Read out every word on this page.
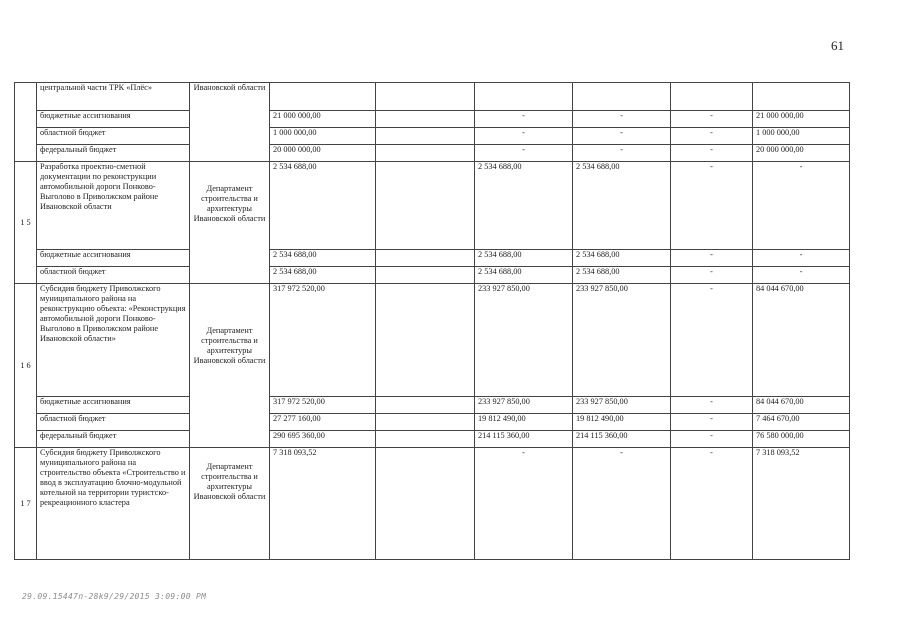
61
	центральной части ТРК «Плёс»	Ивановской области						
	бюджетные ассигнования		21 000 000,00		-	-	-	21 000 000,00
	областной бюджет		1 000 000,00		-	-	-	1 000 000,00
	федеральный бюджет		20 000 000,00		-	-	-	20 000 000,00
1 5	Разработка проектно-сметной документации по реконструкции автомобильной дороги Понково-Выголово в Приволжском районе Ивановской области	Департамент строительства и архитектуры Ивановской области	2 534 688,00		2 534 688,00	2 534 688,00	-	-
	бюджетные ассигнования		2 534 688,00		2 534 688,00	2 534 688,00	-	-
	областной бюджет		2 534 688,00		2 534 688,00	2 534 688,00	-	-
1 6	Субсидия бюджету Приволжского муниципального района на реконструкцию объекта: «Реконструкция автомобильной дороги Понково-Выголово в Приволжском районе Ивановской области»	Департамент строительства и архитектуры Ивановской области	317 972 520,00		233 927 850,00	233 927 850,00	-	84 044 670,00
	бюджетные ассигнования		317 972 520,00		233 927 850,00	233 927 850,00	-	84 044 670,00
	областной бюджет		27 277 160,00		19 812 490,00	19 812 490,00	-	7 464 670,00
	федеральный бюджет		290 695 360,00		214 115 360,00	214 115 360,00	-	76 580 000,00
1 7	Субсидия бюджету Приволжского муниципального района на строительство объекта «Строительство и ввод в эксплуатацию блочно-модульной котельной на территории туристско-рекреационного кластера	Департамент строительства и архитектуры Ивановской области	7 318 093,52		-	-	-	7 318 093,52
29.09.15447п-28k9/29/2015 3:09:00 PM
